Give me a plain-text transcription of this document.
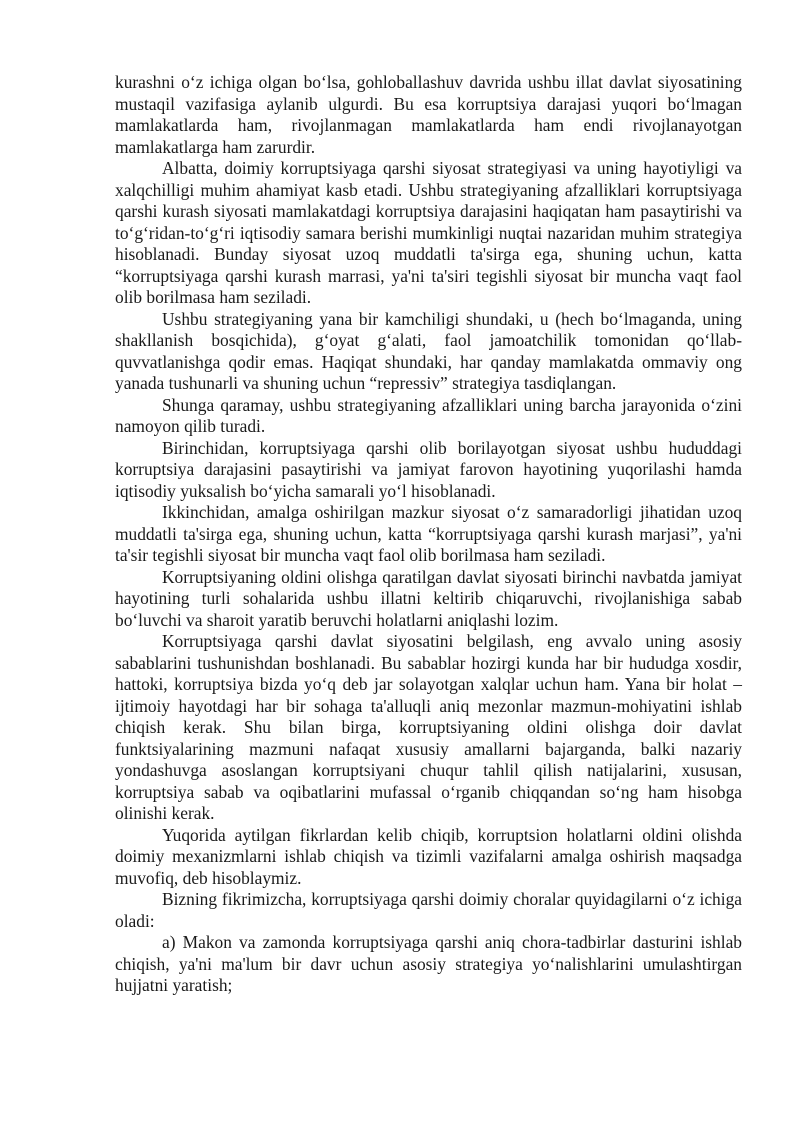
kurashni o‘z ichiga olgan bo‘lsa, gohloballashuv davrida ushbu illat davlat siyosatining mustaqil vazifasiga aylanib ulgurdi. Bu esa korruptsiya darajasi yuqori bo‘lmagan mamlakatlarda ham, rivojlanmagan mamlakatlarda ham endi rivojlanayotgan mamlakatlarga ham zarurdir.

Albatta, doimiy korruptsiyaga qarshi siyosat strategiyasi va uning hayotiyligi va xalqchilligi muhim ahamiyat kasb etadi. Ushbu strategiyaning afzalliklari korruptsiyaga qarshi kurash siyosati mamlakatdagi korruptsiya darajasini haqiqatan ham pasaytirishi va to‘g‘ridan-to‘g‘ri iqtisodiy samara berishi mumkinligi nuqtai nazaridan muhim strategiya hisoblanadi. Bunday siyosat uzoq muddatli ta'sirga ega, shuning uchun, katta “korruptsiyaga qarshi kurash marrasi, ya'ni ta'siri tegishli siyosat bir muncha vaqt faol olib borilmasa ham seziladi.

Ushbu strategiyaning yana bir kamchiligi shundaki, u (hech bo‘lmaganda, uning shakllanish bosqichida), g‘oyat g‘alati, faol jamoatchilik tomonidan qo‘llab-quvvatlanishga qodir emas. Haqiqat shundaki, har qanday mamlakatda ommaviy ong yanada tushunarli va shuning uchun “repressiv” strategiya tasdiqlangan.

Shunga qaramay, ushbu strategiyaning afzalliklari uning barcha jarayonida o‘zini namoyon qilib turadi.

Birinchidan, korruptsiyaga qarshi olib borilayotgan siyosat ushbu hududdagi korruptsiya darajasini pasaytirishi va jamiyat farovon hayotining yuqorilashi hamda iqtisodiy yuksalish bo‘yicha samarali yo‘l hisoblanadi.

Ikkinchidan, amalga oshirilgan mazkur siyosat o‘z samaradorligi jihatidan uzoq muddatli ta'sirga ega, shuning uchun, katta “korruptsiyaga qarshi kurash marjasi”, ya'ni ta'sir tegishli siyosat bir muncha vaqt faol olib borilmasa ham seziladi.

Korruptsiyaning oldini olishga qaratilgan davlat siyosati birinchi navbatda jamiyat hayotining turli sohalarida ushbu illatni keltirib chiqaruvchi, rivojlanishiga sabab bo‘luvchi va sharoit yaratib beruvchi holatlarni aniqlashi lozim.

Korruptsiyaga qarshi davlat siyosatini belgilash, eng avvalo uning asosiy sabablarini tushunishdan boshlanadi. Bu sabablar hozirgi kunda har bir hududga xosdir, hattoki, korruptsiya bizda yo‘q deb jar solayotgan xalqlar uchun ham. Yana bir holat – ijtimoiy hayotdagi har bir sohaga ta'alluqli aniq mezonlar mazmun-mohiyatini ishlab chiqish kerak. Shu bilan birga, korruptsiyaning oldini olishga doir davlat funktsiyalarining mazmuni nafaqat xususiy amallarni bajarganda, balki nazariy yondashuvga asoslangan korruptsiyani chuqur tahlil qilish natijalarini, xususan, korruptsiya sabab va oqibatlarini mufassal o‘rganib chiqqandan so‘ng ham hisobga olinishi kerak.

Yuqorida aytilgan fikrlardan kelib chiqib, korruptsion holatlarni oldini olishda doimiy mexanizmlarni ishlab chiqish va tizimli vazifalarni amalga oshirish maqsadga muvofiq, deb hisoblaymiz.

Bizning fikrimizcha, korruptsiyaga qarshi doimiy choralar quyidagilarni o‘z ichiga oladi:

a) Makon va zamonda korruptsiyaga qarshi aniq chora-tadbirlar dasturini ishlab chiqish, ya'ni ma'lum bir davr uchun asosiy strategiya yo‘nalishlarini umulashtirgan hujjatni yaratish;
